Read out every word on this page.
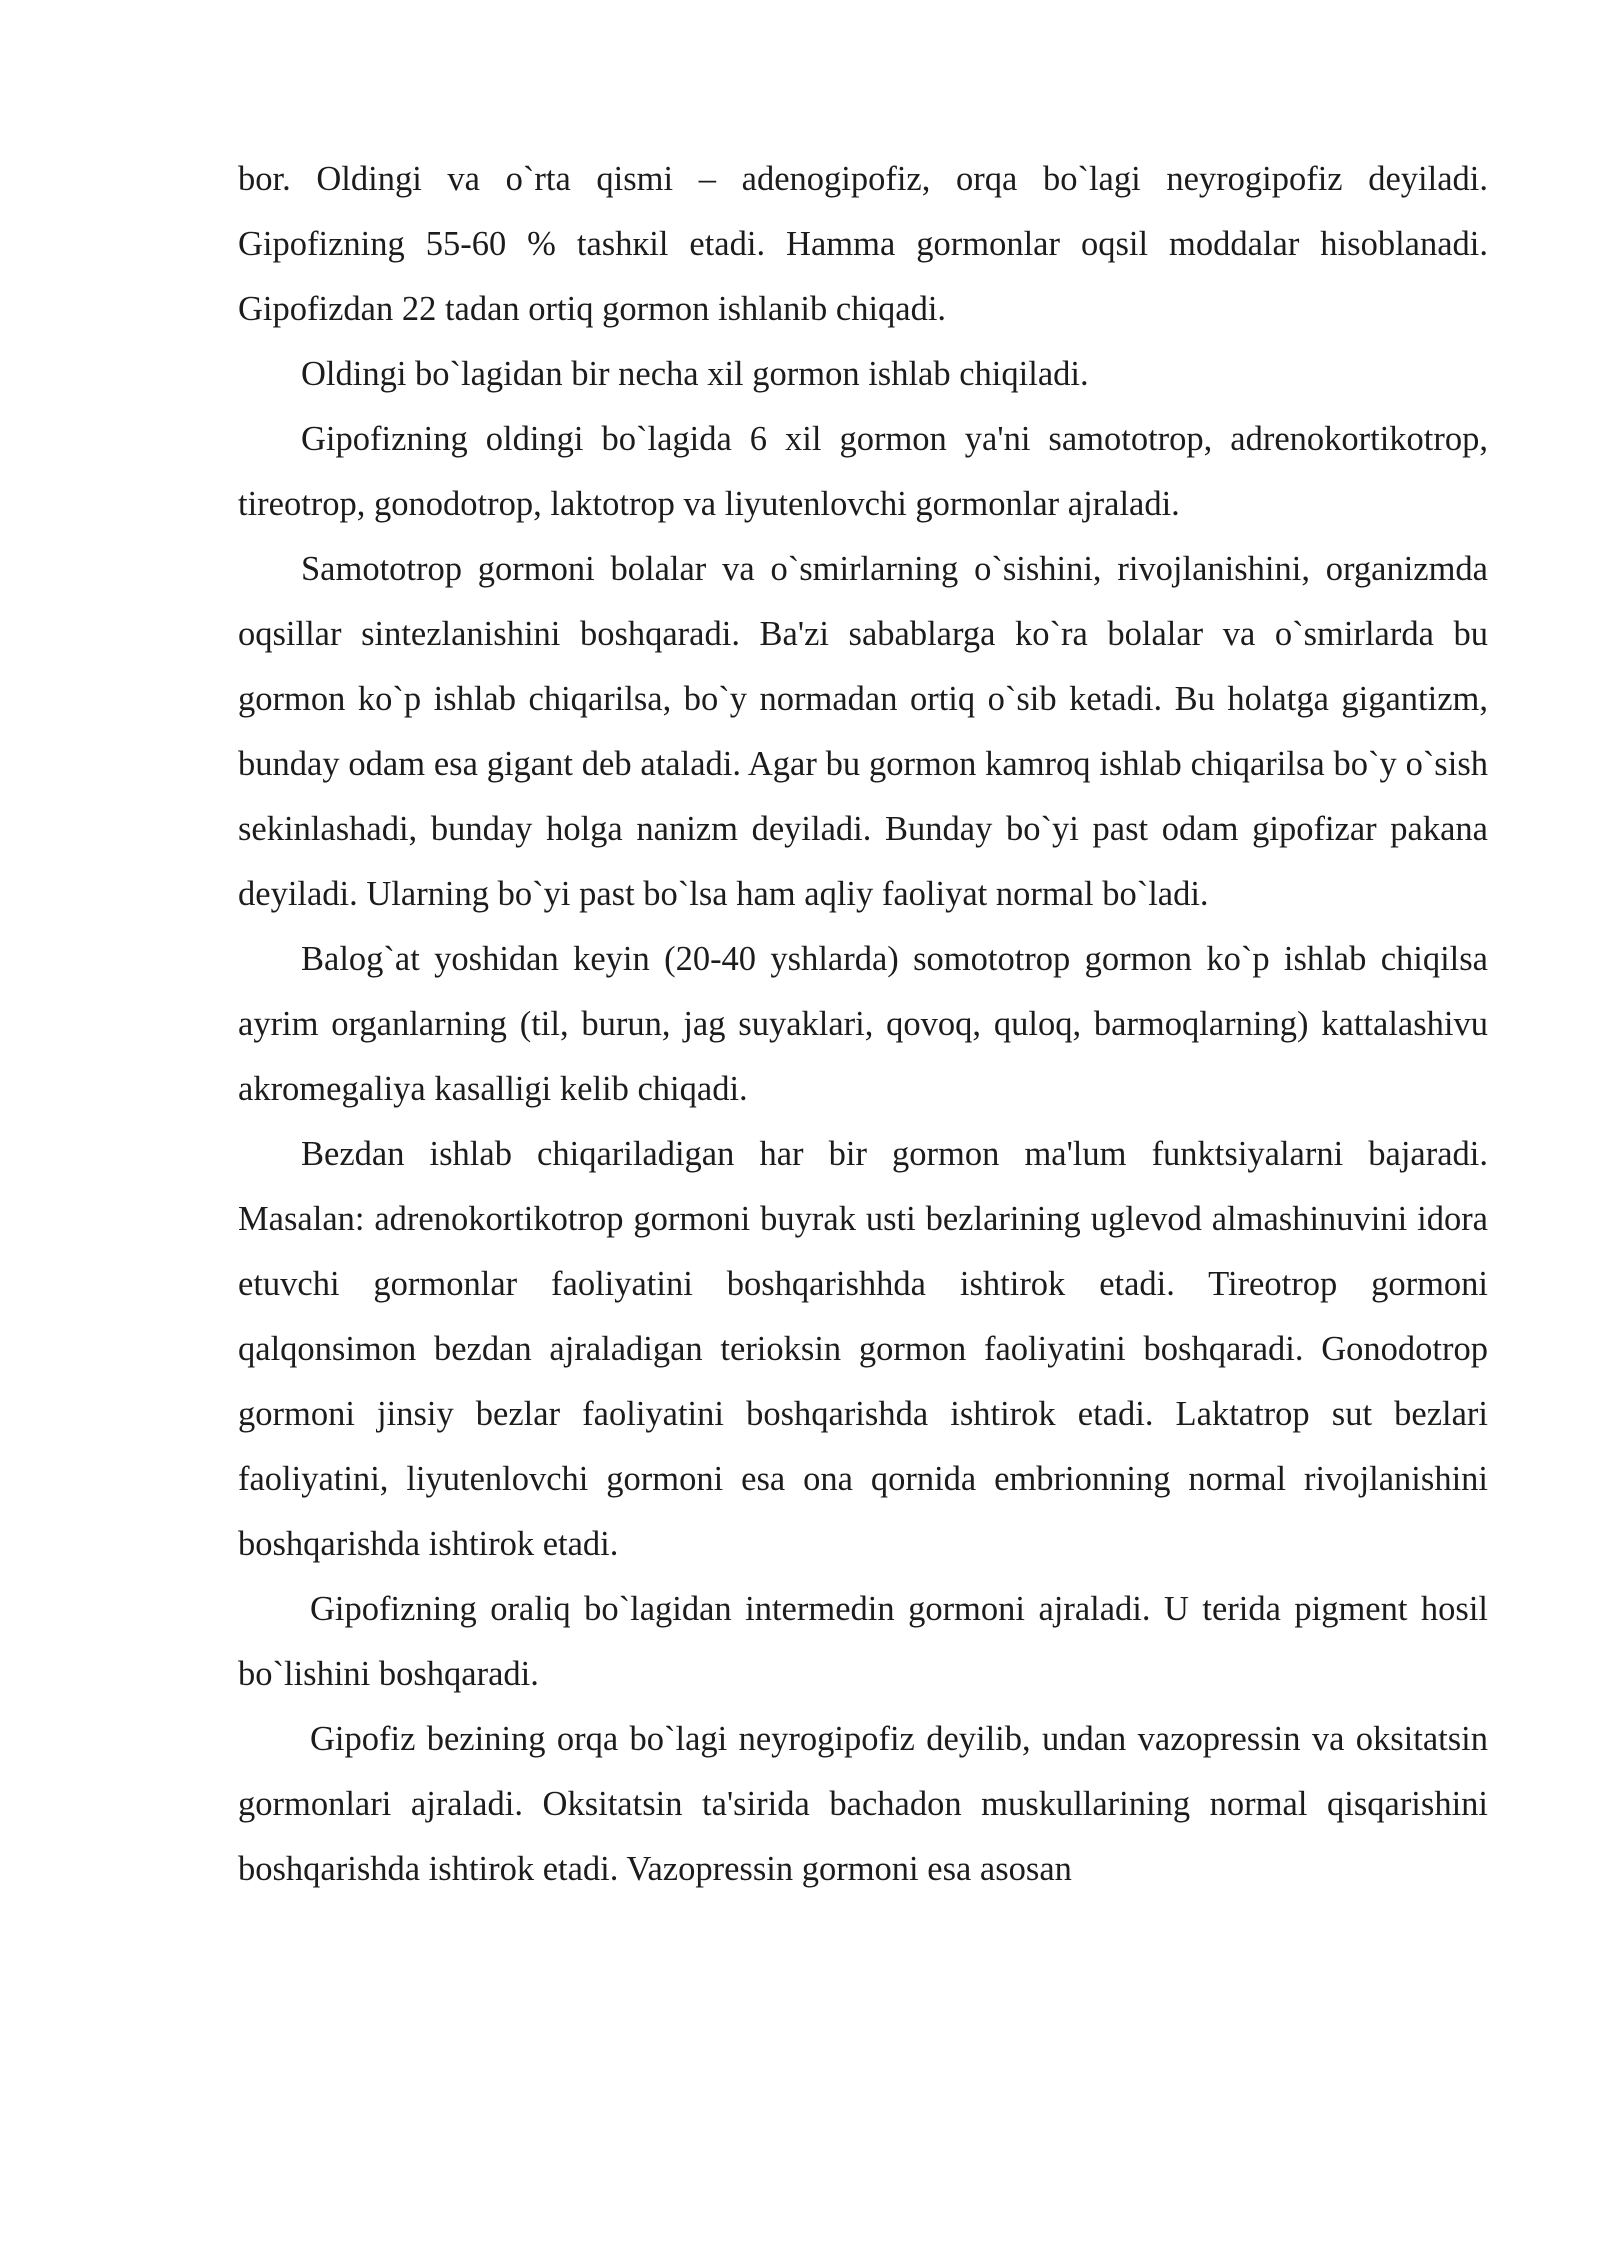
bor. Oldingi va o`rta qismi – adenogipofiz, orqa bo`lagi neyrogipofiz deyiladi. Gipofizning 55-60 % tashкil etadi. Hamma gormonlar oqsil moddalar hisoblanadi. Gipofizdan 22 tadan ortiq gormon ishlanib chiqadi.

Oldingi bo`lagidan bir necha xil gormon ishlab chiqiladi.

Gipofizning oldingi bo`lagida 6 xil gormon ya'ni samototrop, adrenokortikotrop, tireotrop, gonodotrop, laktotrop va liyutenlovchi gormonlar ajraladi.

Samototrop gormoni bolalar va o`smirlarning o`sishini, rivojlanishini, organizmda oqsillar sintezlanishini boshqaradi. Ba'zi sabablarga ko`ra bolalar va o`smirlarda bu gormon ko`p ishlab chiqarilsa, bo`y normadan ortiq o`sib ketadi. Bu holatga gigantizm, bunday odam esa gigant deb ataladi. Agar bu gormon kamroq ishlab chiqarilsa bo`y o`sish sekinlashadi, bunday holga nanizm deyiladi. Bunday bo`yi past odam gipofizar pakana deyiladi. Ularning bo`yi past bo`lsa ham aqliy faoliyat normal bo`ladi.

Balog`at yoshidan keyin (20-40 yshlarda) somototrop gormon ko`p ishlab chiqilsa ayrim organlarning (til, burun, jag suyaklari, qovoq, quloq, barmoqlarning) kattalashivu akromegaliya kasalligi kelib chiqadi.

Bezdan ishlab chiqariladigan har bir gormon ma'lum funktsiyalarni bajaradi. Masalan: adrenokortikotrop gormoni buyrak usti bezlarining uglevod almashinuvini idora etuvchi gormonlar faoliyatini boshqarishhda ishtirok etadi. Tireotrop gormoni qalqonsimon bezdan ajraladigan terioksin gormon faoliyatini boshqaradi. Gonodotrop gormoni jinsiy bezlar faoliyatini boshqarishda ishtirok etadi. Laktatrop sut bezlari faoliyatini, liyutenlovchi gormoni esa ona qornida embrionning normal rivojlanishini boshqarishda ishtirok etadi.

Gipofizning oraliq bo`lagidan intermedin gormoni ajraladi. U terida pigment hosil bo`lishini boshqaradi.

Gipofiz bezining orqa bo`lagi neyrogipofiz deyilib, undan vazopressin va oksitatsin gormonlari ajraladi. Oksitatsin ta'sirida bachadon muskullarining normal qisqarishini boshqarishda ishtirok etadi. Vazopressin gormoni esa asosan
